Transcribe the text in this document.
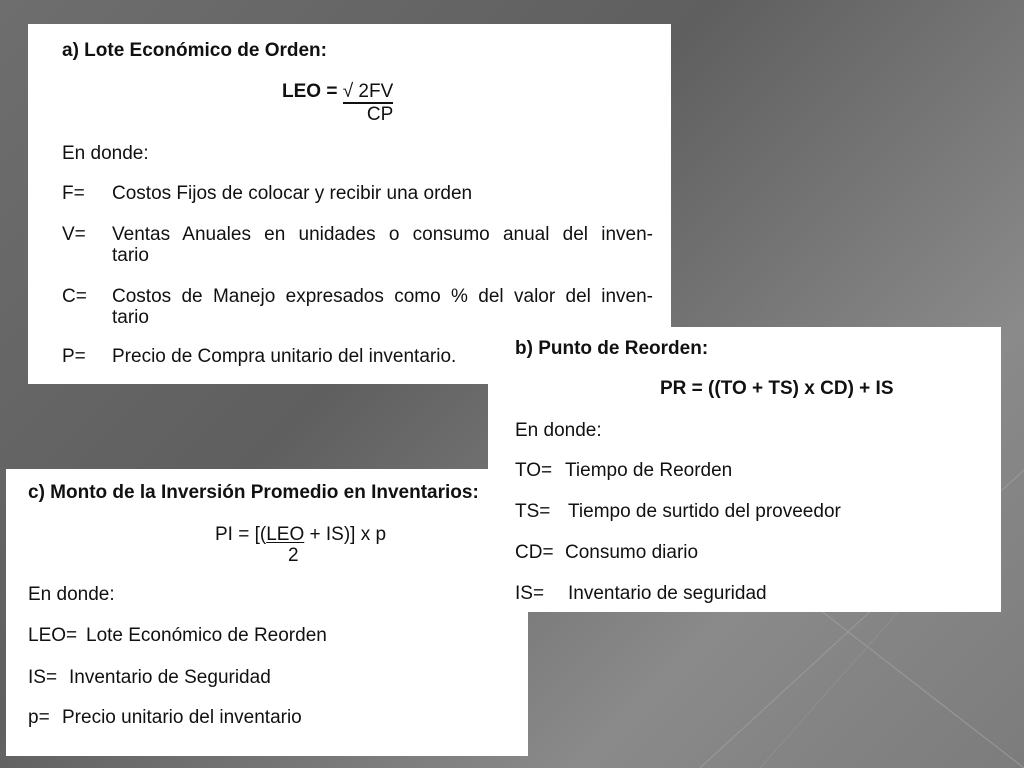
a) Lote Económico de Orden:
LEO = $\frac{√ 2FV}{CP}$
En donde:
F= Costos Fijos de colocar y recibir una orden
V= Ventas Anuales en unidades o consumo anual del inven-
tario
C= Costos de Manejo expresados como % del valor del inven-
tario
P= Precio de Compra unitario del inventario.	b) Punto de Reorden:
PR = ((TO + TS) x CD) + IS
En donde:
TO= Tiempo de Reorden
TS= Tiempo de surtido del proveedor
CD= Consumo diario
IS= Inventario de seguridad
c) Monto de la Inversión Promedio en Inventarios:
PI = [(LEO + IS)] x p
2
En donde:
LEO= Lote Económico de Reorden
IS= Inventario de Seguridad
p= Precio unitario del inventario
